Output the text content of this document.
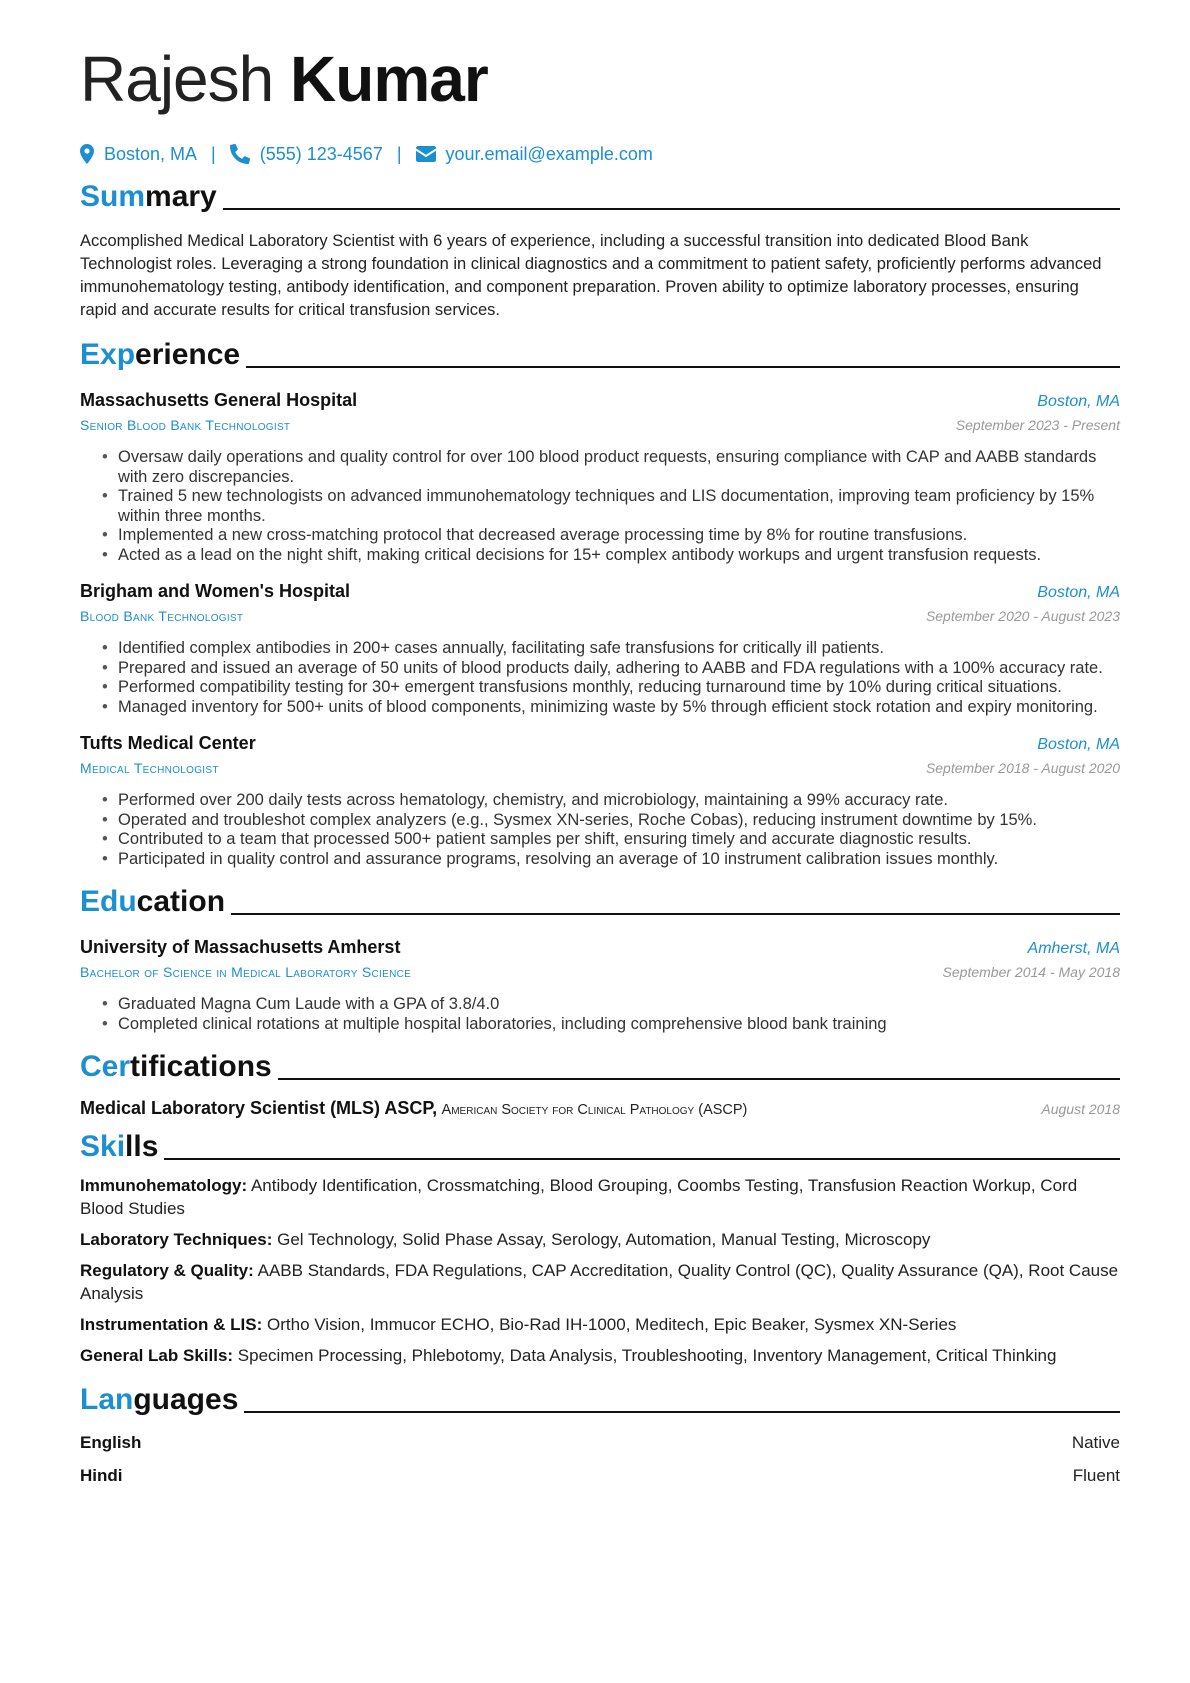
Rajesh Kumar
Boston, MA | (555) 123-4567 | your.email@example.com
Summary
Accomplished Medical Laboratory Scientist with 6 years of experience, including a successful transition into dedicated Blood Bank Technologist roles. Leveraging a strong foundation in clinical diagnostics and a commitment to patient safety, proficiently performs advanced immunohematology testing, antibody identification, and component preparation. Proven ability to optimize laboratory processes, ensuring rapid and accurate results for critical transfusion services.
Experience
Massachusetts General Hospital	Boston, MA
Senior Blood Bank Technologist	September 2023 - Present
• Oversaw daily operations and quality control for over 100 blood product requests, ensuring compliance with CAP and AABB standards with zero discrepancies.
• Trained 5 new technologists on advanced immunohematology techniques and LIS documentation, improving team proficiency by 15% within three months.
• Implemented a new cross-matching protocol that decreased average processing time by 8% for routine transfusions.
• Acted as a lead on the night shift, making critical decisions for 15+ complex antibody workups and urgent transfusion requests.
Brigham and Women's Hospital	Boston, MA
Blood Bank Technologist	September 2020 - August 2023
• Identified complex antibodies in 200+ cases annually, facilitating safe transfusions for critically ill patients.
• Prepared and issued an average of 50 units of blood products daily, adhering to AABB and FDA regulations with a 100% accuracy rate.
• Performed compatibility testing for 30+ emergent transfusions monthly, reducing turnaround time by 10% during critical situations.
• Managed inventory for 500+ units of blood components, minimizing waste by 5% through efficient stock rotation and expiry monitoring.
Tufts Medical Center	Boston, MA
Medical Technologist	September 2018 - August 2020
• Performed over 200 daily tests across hematology, chemistry, and microbiology, maintaining a 99% accuracy rate.
• Operated and troubleshot complex analyzers (e.g., Sysmex XN-series, Roche Cobas), reducing instrument downtime by 15%.
• Contributed to a team that processed 500+ patient samples per shift, ensuring timely and accurate diagnostic results.
• Participated in quality control and assurance programs, resolving an average of 10 instrument calibration issues monthly.
Education
University of Massachusetts Amherst	Amherst, MA
Bachelor of Science in Medical Laboratory Science	September 2014 - May 2018
• Graduated Magna Cum Laude with a GPA of 3.8/4.0
• Completed clinical rotations at multiple hospital laboratories, including comprehensive blood bank training
Certifications
Medical Laboratory Scientist (MLS) ASCP, American Society for Clinical Pathology (ASCP)	August 2018
Skills
Immunohematology: Antibody Identification, Crossmatching, Blood Grouping, Coombs Testing, Transfusion Reaction Workup, Cord Blood Studies
Laboratory Techniques: Gel Technology, Solid Phase Assay, Serology, Automation, Manual Testing, Microscopy
Regulatory & Quality: AABB Standards, FDA Regulations, CAP Accreditation, Quality Control (QC), Quality Assurance (QA), Root Cause Analysis
Instrumentation & LIS: Ortho Vision, Immucor ECHO, Bio-Rad IH-1000, Meditech, Epic Beaker, Sysmex XN-Series
General Lab Skills: Specimen Processing, Phlebotomy, Data Analysis, Troubleshooting, Inventory Management, Critical Thinking
Languages
English	Native
Hindi	Fluent
